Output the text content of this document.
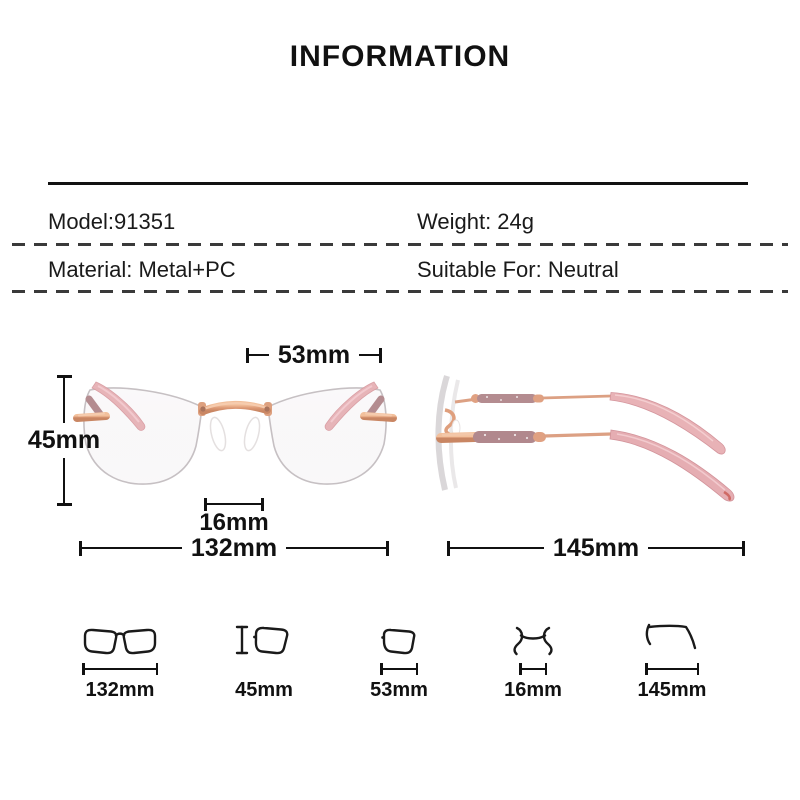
INFORMATION
Model:91351	Weight: 24g
Material: Metal+PC	Suitable For: Neutral
53mm
45mm
16mm
132mm	145mm
132mm	45mm	53mm	16mm	145mm
